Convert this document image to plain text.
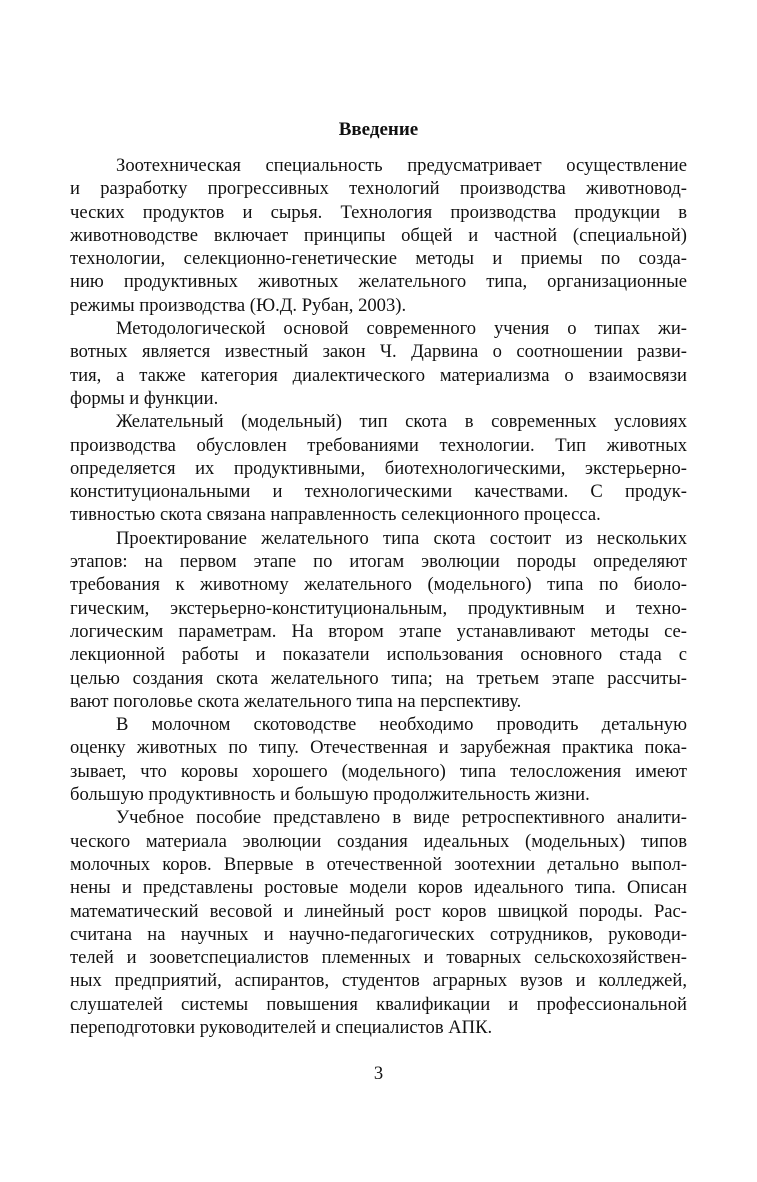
Введение
Зоотехническая специальность предусматривает осуществление
и разработку прогрессивных технологий производства животновод-
ческих продуктов и сырья. Технология производства продукции в
животноводстве включает принципы общей и частной (специальной)
технологии, селекционно-генетические методы и приемы по созда-
нию продуктивных животных желательного типа, организационные
режимы производства (Ю.Д. Рубан, 2003).
Методологической основой современного учения о типах жи-
вотных является известный закон Ч. Дарвина о соотношении разви-
тия, а также категория диалектического материализма о взаимосвязи
формы и функции.
Желательный (модельный) тип скота в современных условиях
производства обусловлен требованиями технологии. Тип животных
определяется их продуктивными, биотехнологическими, экстерьерно-
конституциональными и технологическими качествами. С продук-
тивностью скота связана направленность селекционного процесса.
Проектирование желательного типа скота состоит из нескольких
этапов: на первом этапе по итогам эволюции породы определяют
требования к животному желательного (модельного) типа по биоло-
гическим, экстерьерно-конституциональным, продуктивным и техно-
логическим параметрам. На втором этапе устанавливают методы се-
лекционной работы и показатели использования основного стада с
целью создания скота желательного типа; на третьем этапе рассчиты-
вают поголовье скота желательного типа на перспективу.
В молочном скотоводстве необходимо проводить детальную
оценку животных по типу. Отечественная и зарубежная практика пока-
зывает, что коровы хорошего (модельного) типа телосложения имеют
большую продуктивность и большую продолжительность жизни.
Учебное пособие представлено в виде ретроспективного аналити-
ческого материала эволюции создания идеальных (модельных) типов
молочных коров. Впервые в отечественной зоотехнии детально выпол-
нены и представлены ростовые модели коров идеального типа. Описан
математический весовой и линейный рост коров швицкой породы. Рас-
считана на научных и научно-педагогических сотрудников, руководи-
телей и зооветспециалистов племенных и товарных сельскохозяйствен-
ных предприятий, аспирантов, студентов аграрных вузов и колледжей,
слушателей системы повышения квалификации и профессиональной
переподготовки руководителей и специалистов АПК.
3
